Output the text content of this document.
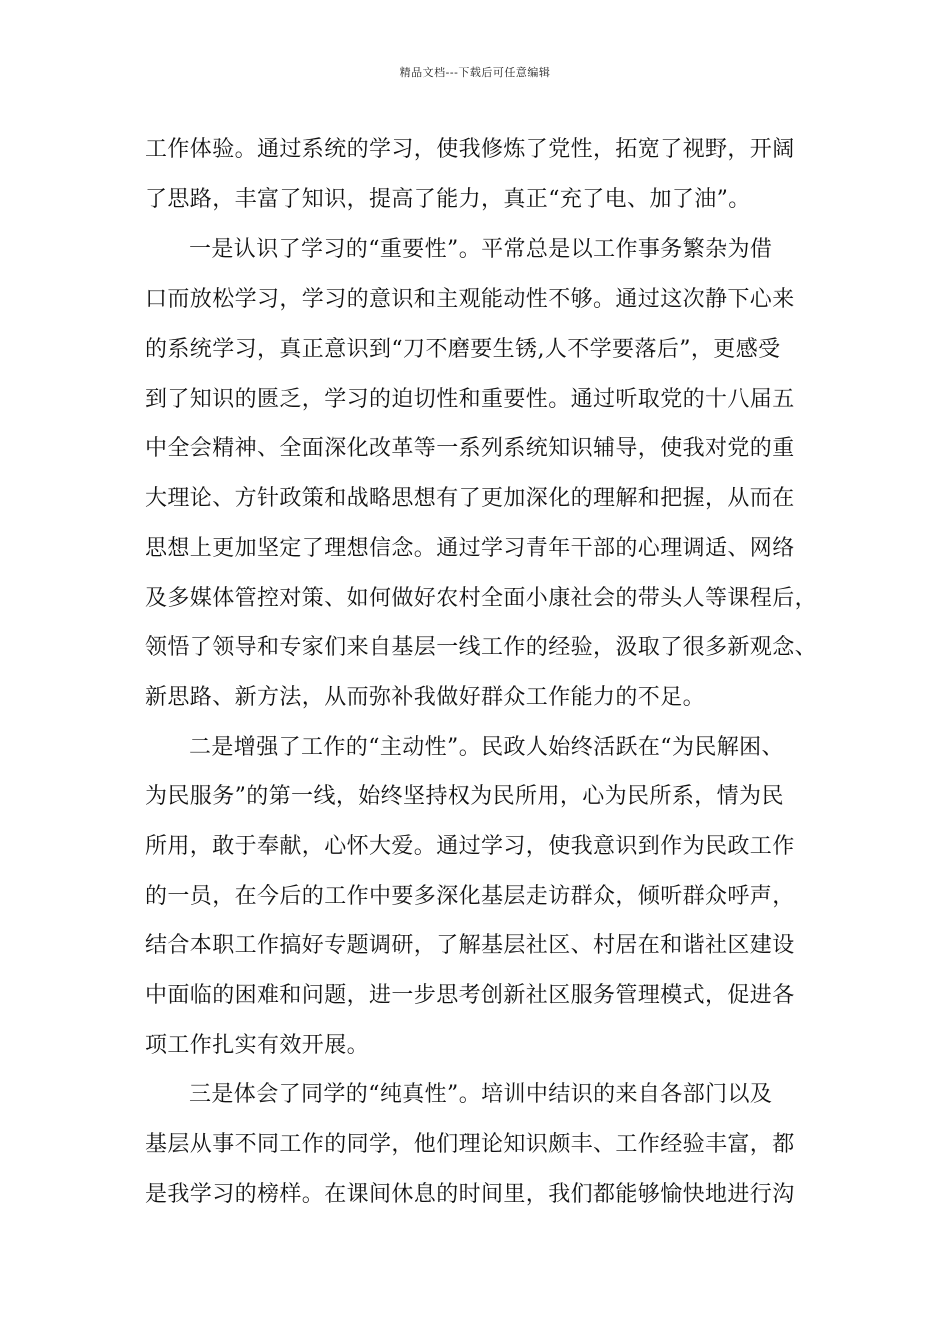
精品文档---下载后可任意编辑
工作体验。通过系统的学习，使我修炼了党性，拓宽了视野，开阔
了思路，丰富了知识，提高了能力，真正“充了电、加了油”。
一是认识了学习的“重要性”。平常总是以工作事务繁杂为借
口而放松学习，学习的意识和主观能动性不够。通过这次静下心来
的系统学习，真正意识到“刀不磨要生锈,人不学要落后”，更感受
到了知识的匮乏，学习的迫切性和重要性。通过听取党的十八届五
中全会精神、全面深化改革等一系列系统知识辅导，使我对党的重
大理论、方针政策和战略思想有了更加深化的理解和把握，从而在
思想上更加坚定了理想信念。通过学习青年干部的心理调适、网络
及多媒体管控对策、如何做好农村全面小康社会的带头人等课程后，
领悟了领导和专家们来自基层一线工作的经验，汲取了很多新观念、
新思路、新方法，从而弥补我做好群众工作能力的不足。
二是增强了工作的“主动性”。民政人始终活跃在“为民解困、
为民服务”的第一线，始终坚持权为民所用，心为民所系，情为民
所用，敢于奉献，心怀大爱。通过学习，使我意识到作为民政工作
的一员，在今后的工作中要多深化基层走访群众，倾听群众呼声，
结合本职工作搞好专题调研，了解基层社区、村居在和谐社区建设
中面临的困难和问题，进一步思考创新社区服务管理模式，促进各
项工作扎实有效开展。
三是体会了同学的“纯真性”。培训中结识的来自各部门以及
基层从事不同工作的同学，他们理论知识颇丰、工作经验丰富，都
是我学习的榜样。在课间休息的时间里，我们都能够愉快地进行沟
